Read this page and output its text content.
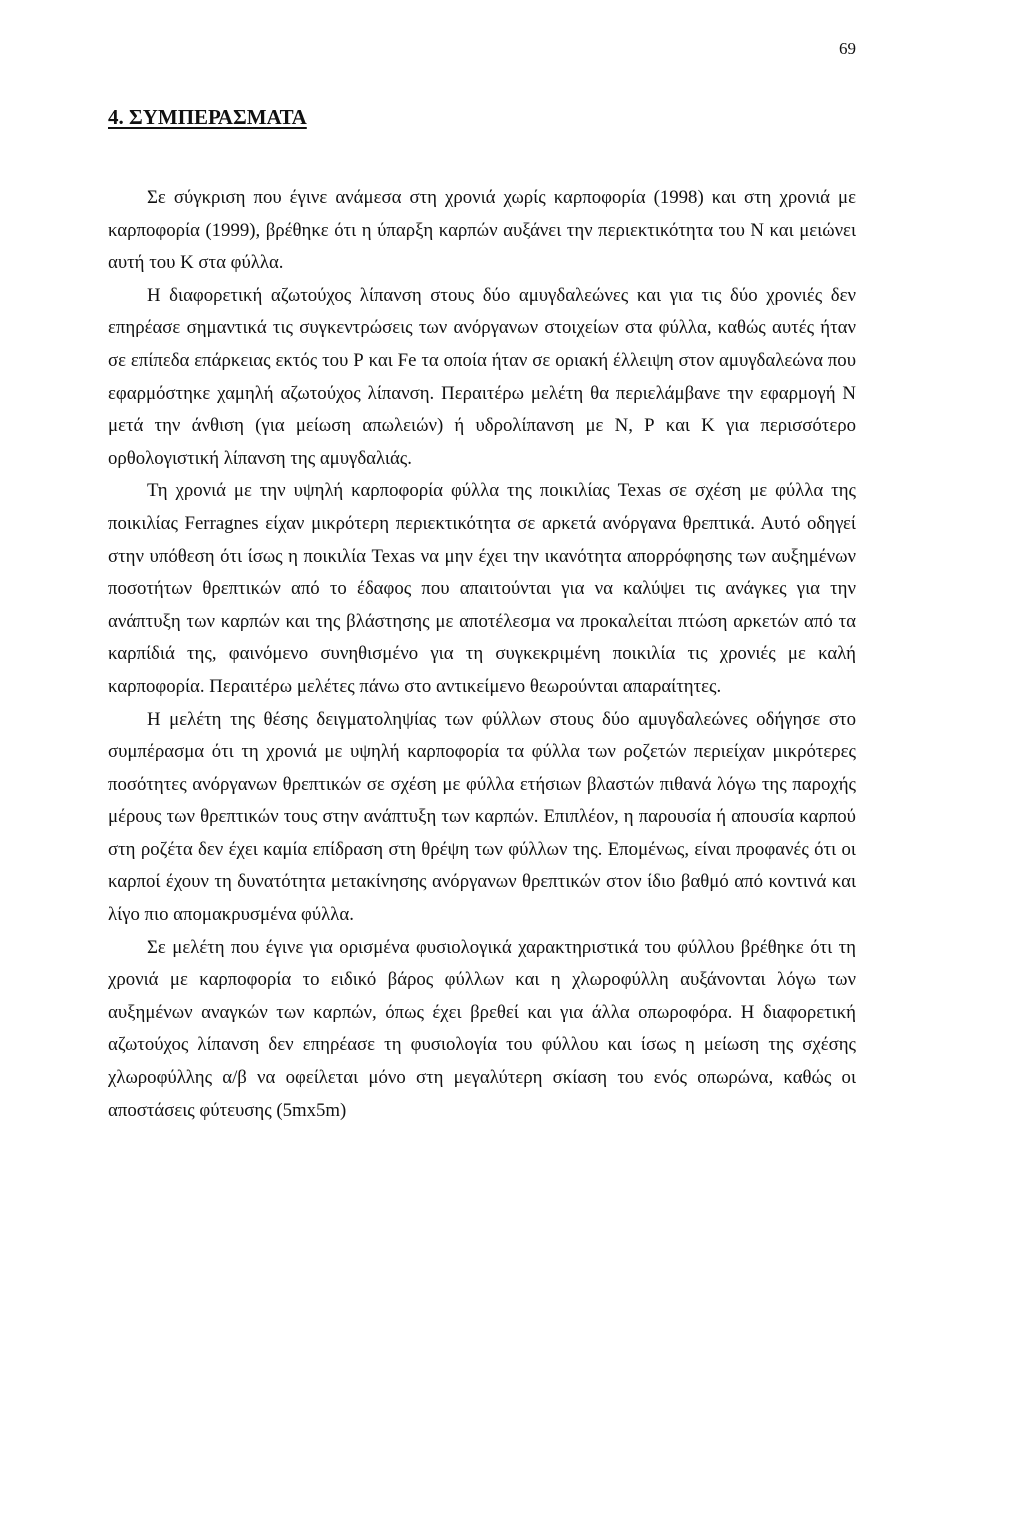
69
4. ΣΥΜΠΕΡΑΣΜΑΤΑ

Σε σύγκριση που έγινε ανάμεσα στη χρονιά χωρίς καρποφορία (1998) και στη χρονιά με καρποφορία (1999), βρέθηκε ότι η ύπαρξη καρπών αυξάνει την περιεκτικότητα του Ν και μειώνει αυτή του Κ στα φύλλα.

Η διαφορετική αζωτούχος λίπανση στους δύο αμυγδαλεώνες και για τις δύο χρονιές δεν επηρέασε σημαντικά τις συγκεντρώσεις των ανόργανων στοιχείων στα φύλλα, καθώς αυτές ήταν σε επίπεδα επάρκειας εκτός του Ρ και Fe τα οποία ήταν σε οριακή έλλειψη στον αμυγδαλεώνα που εφαρμόστηκε χαμηλή αζωτούχος λίπανση. Περαιτέρω μελέτη θα περιελάμβανε την εφαρμογή Ν μετά την άνθιση (για μείωση απωλειών) ή υδρολίπανση με Ν, Ρ και Κ για περισσότερο ορθολογιστική λίπανση της αμυγδαλιάς.

Τη χρονιά με την υψηλή καρποφορία φύλλα της ποικιλίας Texas σε σχέση με φύλλα της ποικιλίας Ferragnes είχαν μικρότερη περιεκτικότητα σε αρκετά ανόργανα θρεπτικά. Αυτό οδηγεί στην υπόθεση ότι ίσως η ποικιλία Texas να μην έχει την ικανότητα απορρόφησης των αυξημένων ποσοτήτων θρεπτικών από το έδαφος που απαιτούνται για να καλύψει τις ανάγκες για την ανάπτυξη των καρπών και της βλάστησης με αποτέλεσμα να προκαλείται πτώση αρκετών από τα καρπίδιά της, φαινόμενο συνηθισμένο για τη συγκεκριμένη ποικιλία τις χρονιές με καλή καρποφορία. Περαιτέρω μελέτες πάνω στο αντικείμενο θεωρούνται απαραίτητες.

Η μελέτη της θέσης δειγματοληψίας των φύλλων στους δύο αμυγδαλεώνες οδήγησε στο συμπέρασμα ότι τη χρονιά με υψηλή καρποφορία τα φύλλα των ροζετών περιείχαν μικρότερες ποσότητες ανόργανων θρεπτικών σε σχέση με φύλλα ετήσιων βλαστών πιθανά λόγω της παροχής μέρους των θρεπτικών τους στην ανάπτυξη των καρπών. Επιπλέον, η παρουσία ή απουσία καρπού στη ροζέτα δεν έχει καμία επίδραση στη θρέψη των φύλλων της. Επομένως, είναι προφανές ότι οι καρποί έχουν τη δυνατότητα μετακίνησης ανόργανων θρεπτικών στον ίδιο βαθμό από κοντινά και λίγο πιο απομακρυσμένα φύλλα.

Σε μελέτη που έγινε για ορισμένα φυσιολογικά χαρακτηριστικά του φύλλου βρέθηκε ότι τη χρονιά με καρποφορία το ειδικό βάρος φύλλων και η χλωροφύλλη αυξάνονται λόγω των αυξημένων αναγκών των καρπών, όπως έχει βρεθεί και για άλλα οπωροφόρα. Η διαφορετική αζωτούχος λίπανση δεν επηρέασε τη φυσιολογία του φύλλου και ίσως η μείωση της σχέσης χλωροφύλλης α/β να οφείλεται μόνο στη μεγαλύτερη σκίαση του ενός οπωρώνα, καθώς οι αποστάσεις φύτευσης (5mx5m)
